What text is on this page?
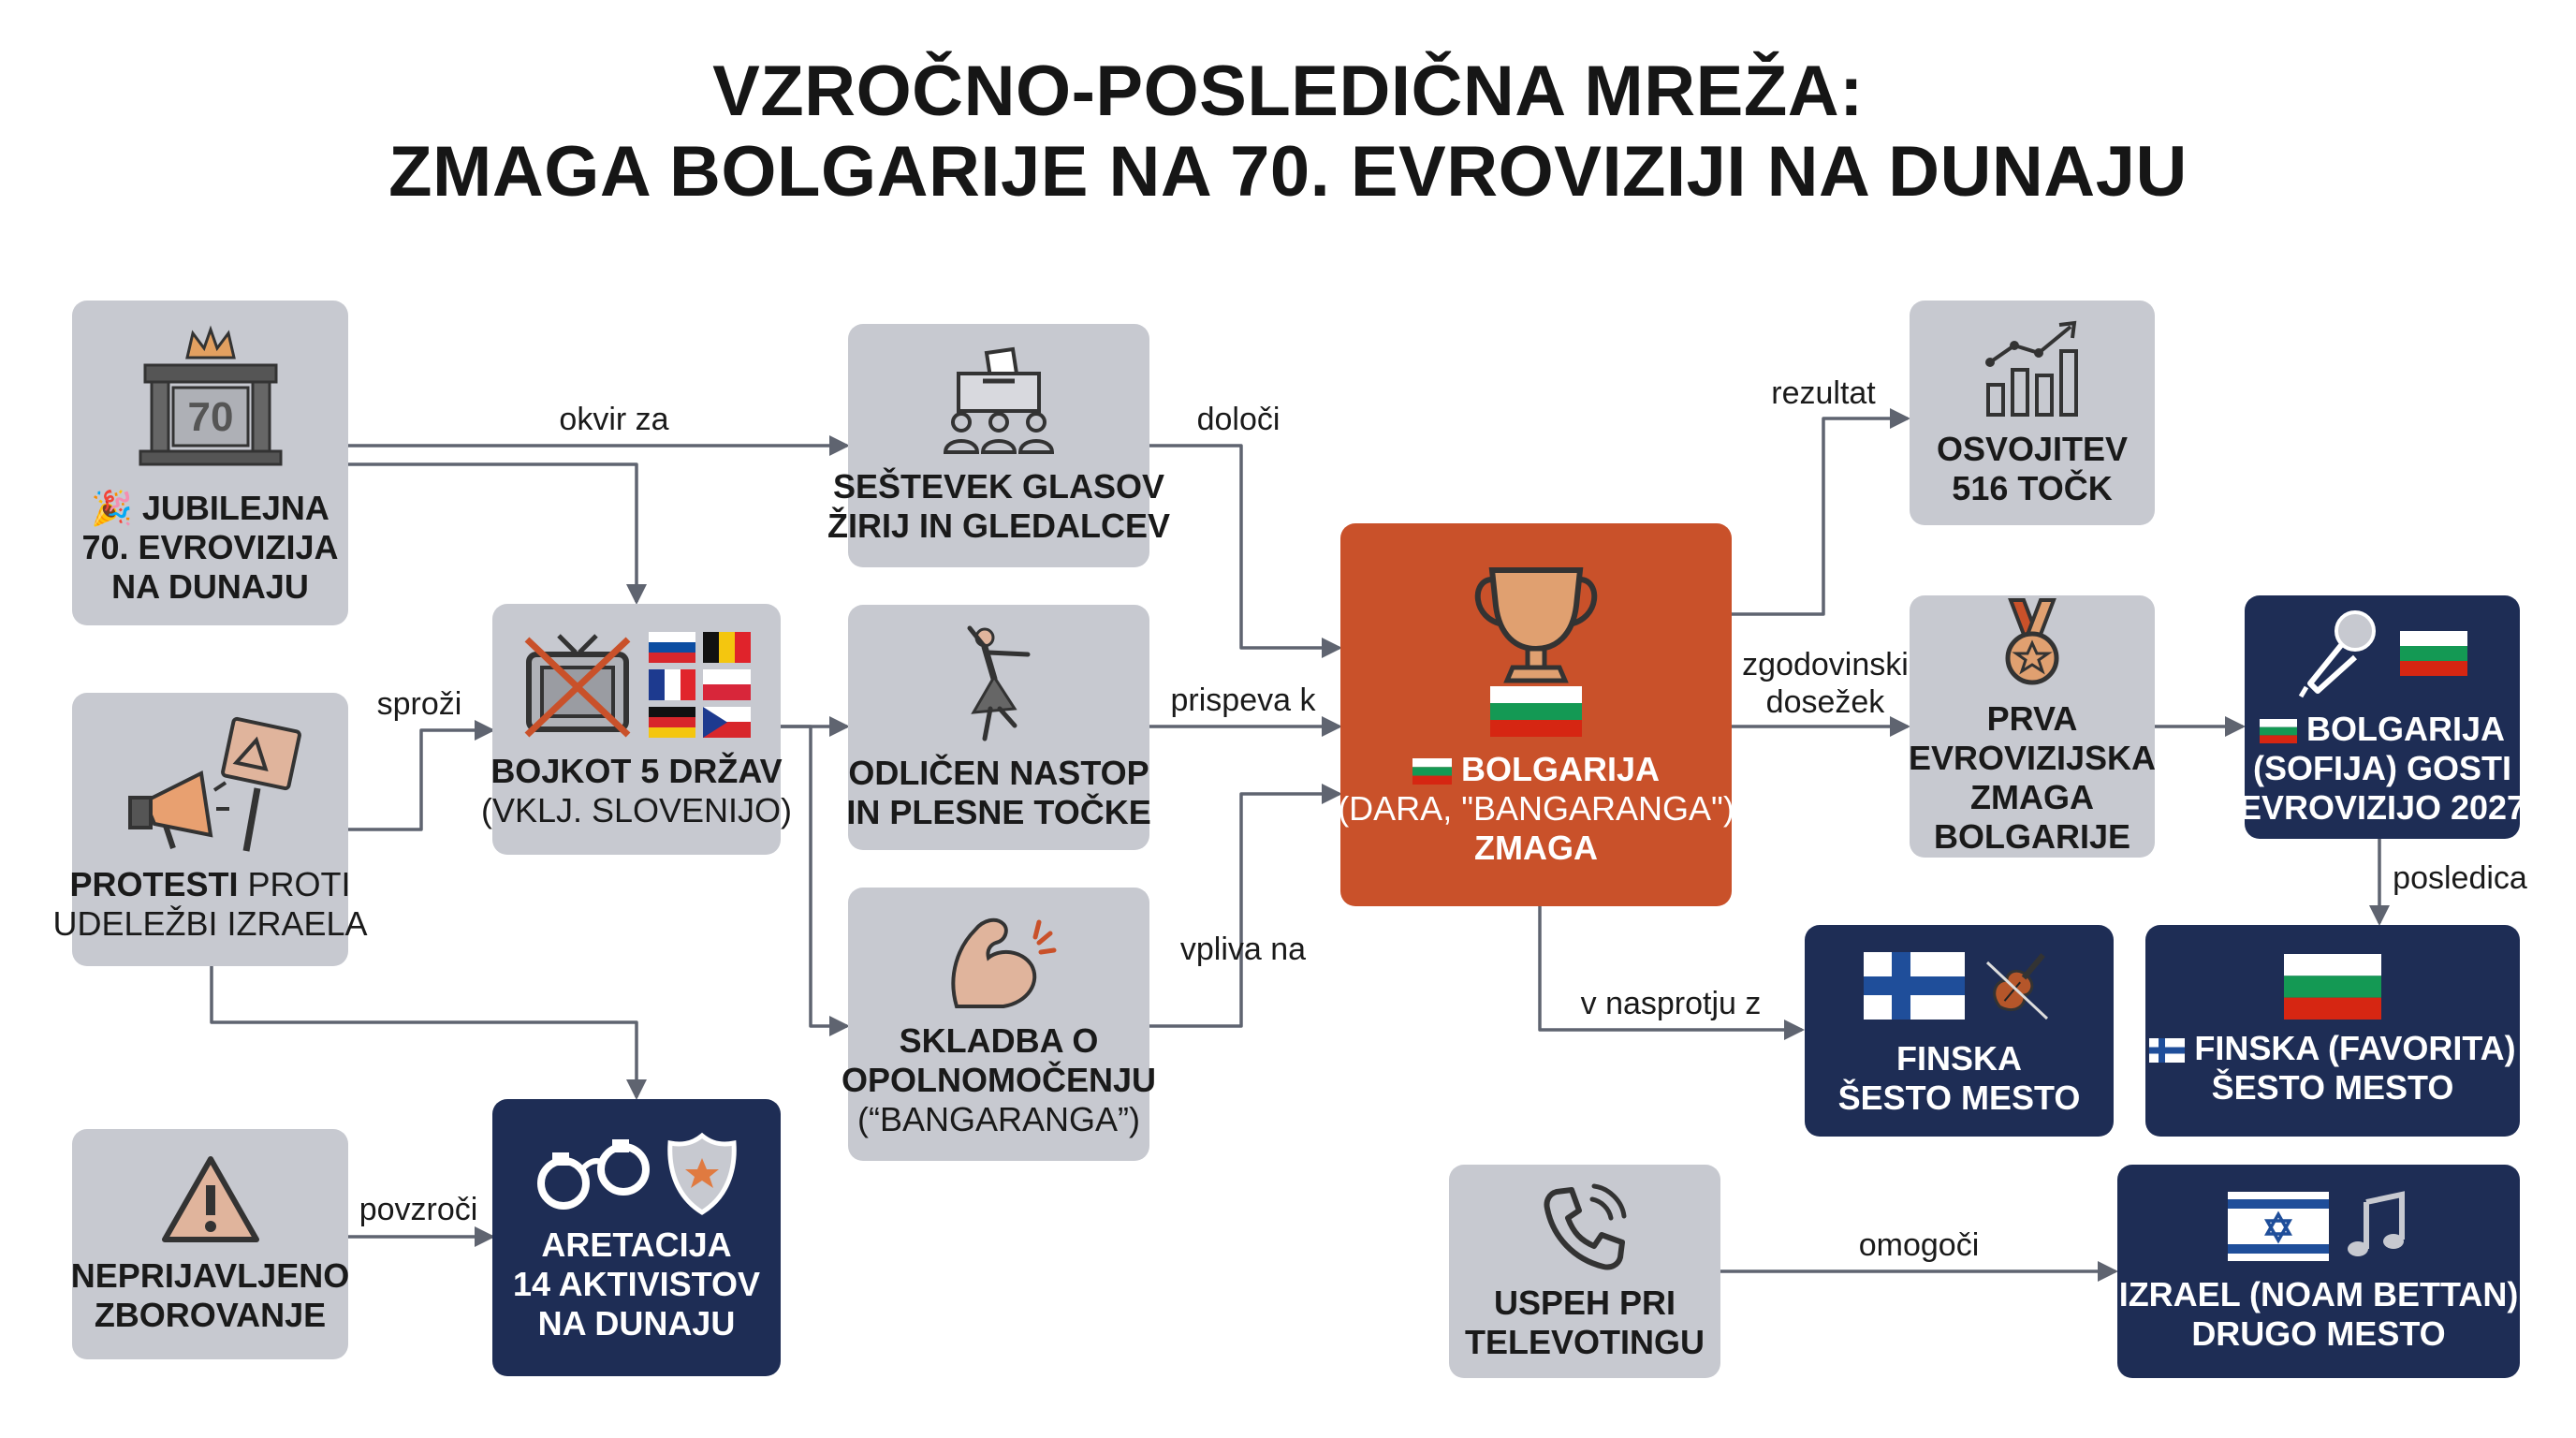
VZROČNO-POSLEDIČNA MREŽA:
ZMAGA BOLGARIJE NA 70. EVROVIZIJI NA DUNAJU
okvir za
sproži
povzroči
določi
prispeva k
vpliva na
rezultat
zgodovinski
dosežek
v nasprotju z
posledica
omogoči
70
🎉 JUBILEJNA
70. EVROVIZIJA
NA DUNAJU
PROTESTI PROTI
UDELEŽBI IZRAELA
NEPRIJAVLJENO
ZBOROVANJE
BOJKOT 5 DRŽAV
(VKLJ. SLOVENIJO)
ARETACIJA
14 AKTIVISTOV
NA DUNAJU
SEŠTEVEK GLASOV
ŽIRIJ IN GLEDALCEV
ODLIČEN NASTOP
IN PLESNE TOČKE
SKLADBA O
OPOLNOMOČENJU
(“BANGARANGA”)
BOLGARIJA
(DARA, "BANGARANGA")
ZMAGA
OSVOJITEV
516 TOČK
PRVA
EVROVIZIJSKA
ZMAGA
BOLGARIJE
BOLGARIJA
(SOFIJA) GOSTI
EVROVIZIJO 2027
FINSKA
ŠESTO MESTO
FINSKA (FAVORITA)
ŠESTO MESTO
USPEH PRI
TELEVOTINGU
IZRAEL (NOAM BETTAN)
DRUGO MESTO
